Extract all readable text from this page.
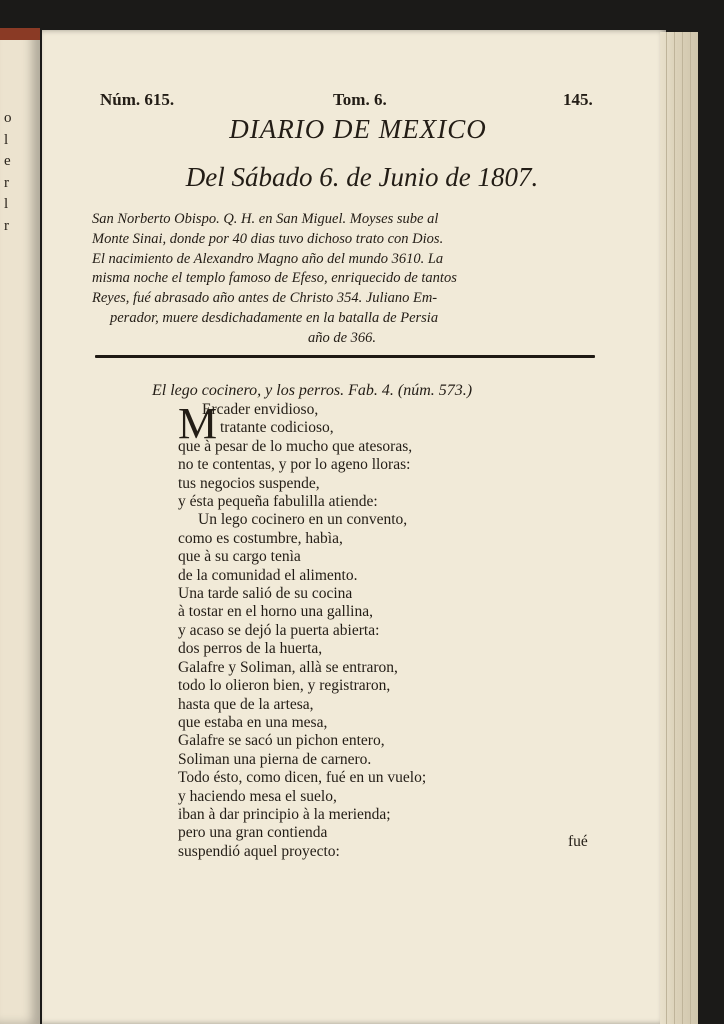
o
l
e
r
l
r
Núm. 615.	Tom. 6.	145.
DIARIO DE MEXICO
Del Sábado 6. de Junio de 1807.
San Norberto Obispo. Q. H. en San Miguel. Moyses sube al
Monte Sinai, donde por 40 dias tuvo dichoso trato con Dios.
El nacimiento de Alexandro Magno año del mundo 3610. La
misma noche el templo famoso de Efeso, enriquecido de tantos
Reyes, fué abrasado año antes de Christo 354. Juliano Em-
perador, muere desdichadamente en la batalla de Persia
año de 366.
El lego cocinero, y los perros. Fab. 4. (núm. 573.)
M
Ercader envidioso,
tratante codicioso,
que à pesar de lo mucho que atesoras,
no te contentas, y por lo ageno lloras:
tus negocios suspende,
y ésta pequeña fabulilla atiende:
Un lego cocinero en un convento,
como es costumbre, habìa,
que à su cargo tenìa
de la comunidad el alimento.
Una tarde salió de su cocina
à tostar en el horno una gallina,
y acaso se dejó la puerta abierta:
dos perros de la huerta,
Galafre y Soliman, allà se entraron,
todo lo olieron bien, y registraron,
hasta que de la artesa,
que estaba en una mesa,
Galafre se sacó un pichon entero,
Soliman una pierna de carnero.
Todo ésto, como dicen, fué en un vuelo;
y haciendo mesa el suelo,
iban à dar principio à la merienda;
pero una gran contienda
suspendió aquel proyecto:
fué
